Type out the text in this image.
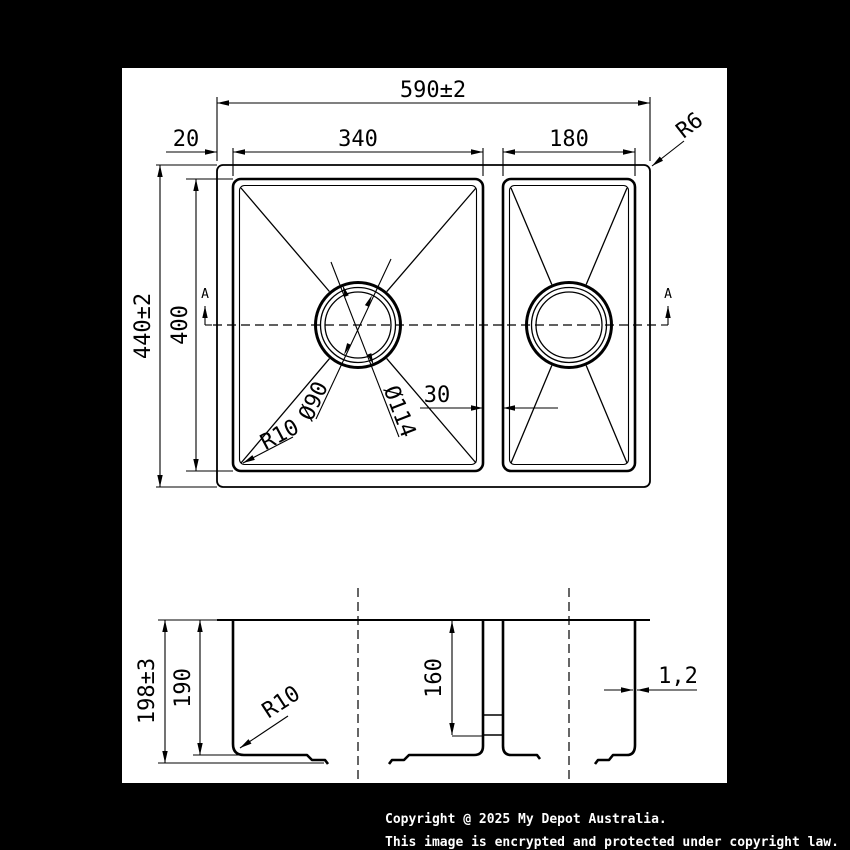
A	A
590±2
20	340	180	R6
440±2 400
Ø90 Ø114 30
R10
198±3 190	160	1,2
R10
Copyright @ 2025 My Depot Australia.
This image is encrypted and protected under copyright law.
